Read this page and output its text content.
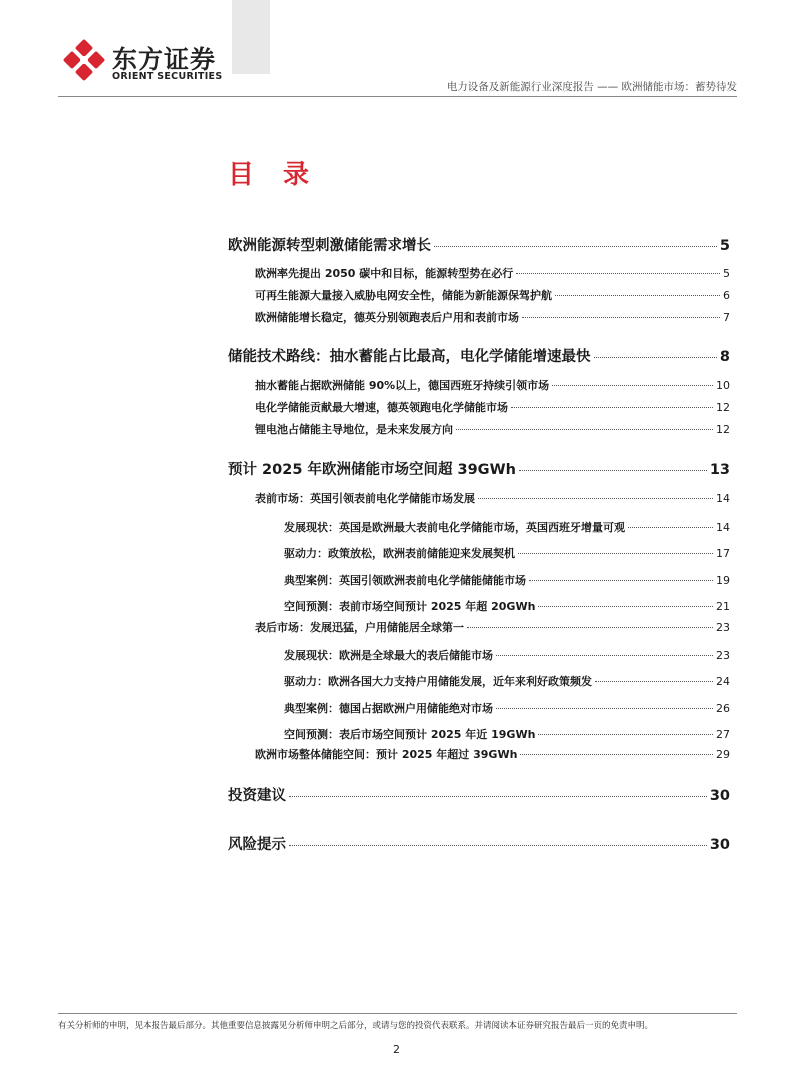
东方证券
ORIENT SECURITIES
电力设备及新能源行业深度报告 —— 欧洲储能市场：蓄势待发
目 录
欧洲能源转型刺激储能需求增长	5
欧洲率先提出 2050 碳中和目标，能源转型势在必行	5
可再生能源大量接入威胁电网安全性，储能为新能源保驾护航	6
欧洲储能增长稳定，德英分别领跑表后户用和表前市场	7
储能技术路线：抽水蓄能占比最高，电化学储能增速最快	8
抽水蓄能占据欧洲储能 90%以上，德国西班牙持续引领市场	10
电化学储能贡献最大增速，德英领跑电化学储能市场	12
锂电池占储能主导地位，是未来发展方向	12
预计 2025 年欧洲储能市场空间超 39GWh	13
表前市场：英国引领表前电化学储能市场发展	14
发展现状：英国是欧洲最大表前电化学储能市场，英国西班牙增量可观	14
驱动力：政策放松，欧洲表前储能迎来发展契机	17
典型案例：英国引领欧洲表前电化学储能储能市场	19
空间预测：表前市场空间预计 2025 年超 20GWh	21
表后市场：发展迅猛，户用储能居全球第一	23
发展现状：欧洲是全球最大的表后储能市场	23
驱动力：欧洲各国大力支持户用储能发展，近年来利好政策频发	24
典型案例：德国占据欧洲户用储能绝对市场	26
空间预测：表后市场空间预计 2025 年近 19GWh	27
欧洲市场整体储能空间：预计 2025 年超过 39GWh	29
投资建议	30
风险提示	30
有关分析师的申明，见本报告最后部分。其他重要信息披露见分析师申明之后部分，或请与您的投资代表联系。并请阅读本证券研究报告最后一页的免责申明。
2
